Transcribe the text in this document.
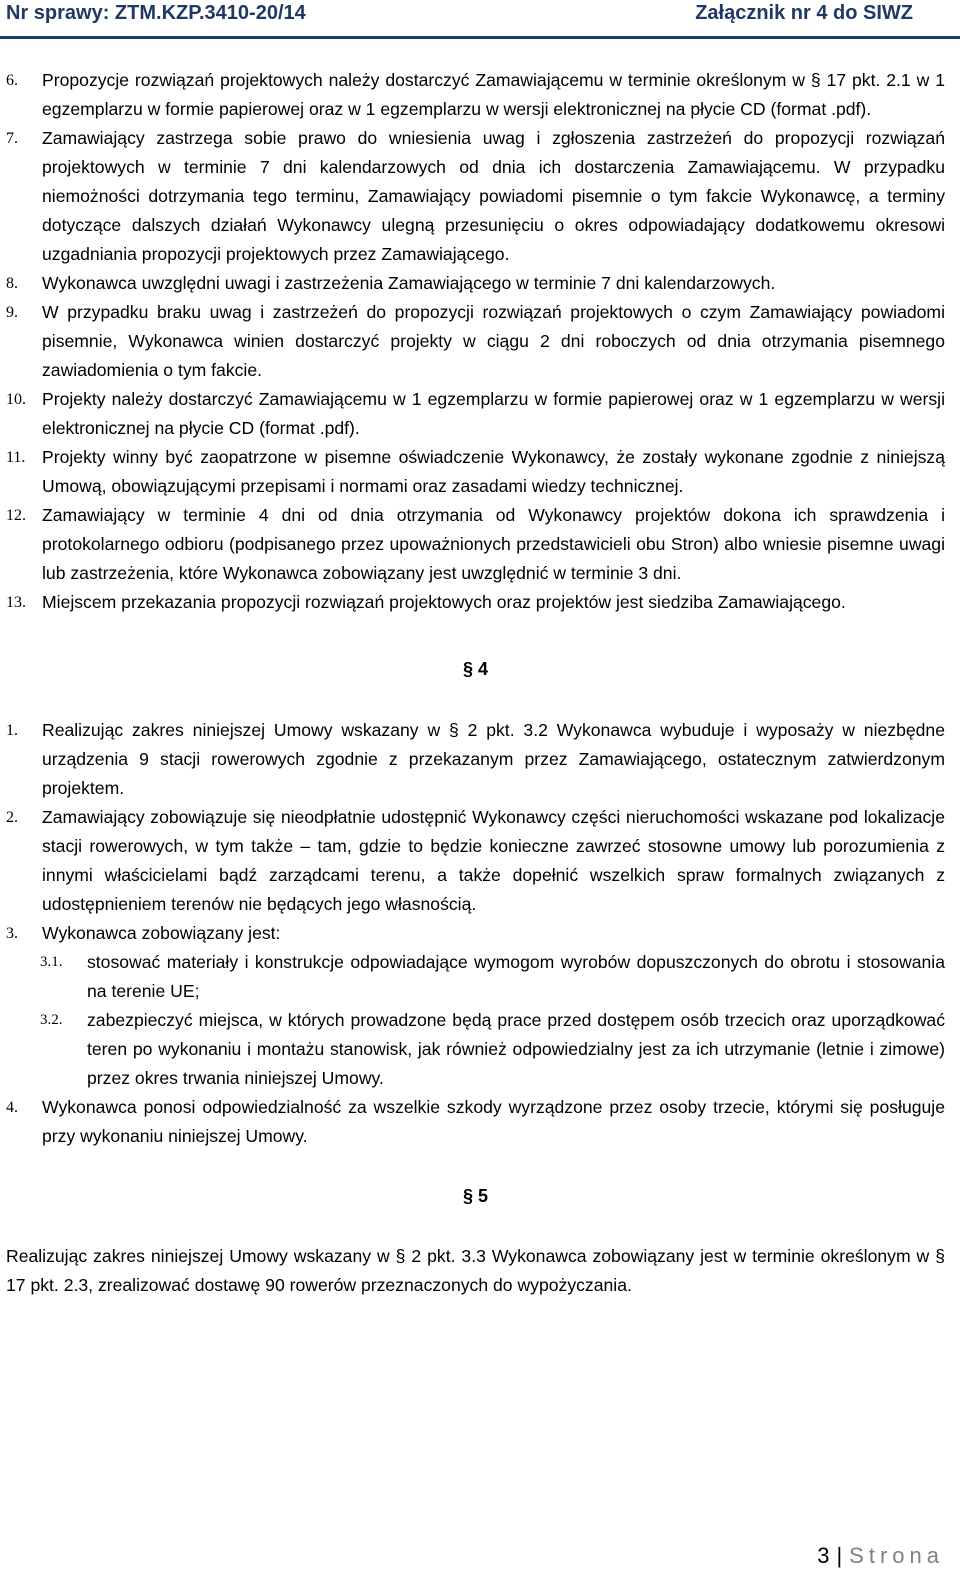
Nr sprawy: ZTM.KZP.3410-20/14	Załącznik nr 4 do SIWZ
6. Propozycje rozwiązań projektowych należy dostarczyć Zamawiającemu w terminie określonym w § 17 pkt. 2.1 w 1 egzemplarzu w formie papierowej oraz w 1 egzemplarzu w wersji elektronicznej na płycie CD (format .pdf).
7. Zamawiający zastrzega sobie prawo do wniesienia uwag i zgłoszenia zastrzeżeń do propozycji rozwiązań projektowych w terminie 7 dni kalendarzowych od dnia ich dostarczenia Zamawiającemu. W przypadku niemożności dotrzymania tego terminu, Zamawiający powiadomi pisemnie o tym fakcie Wykonawcę, a terminy dotyczące dalszych działań Wykonawcy ulegną przesunięciu o okres odpowiadający dodatkowemu okresowi uzgadniania propozycji projektowych przez Zamawiającego.
8. Wykonawca uwzględni uwagi i zastrzeżenia Zamawiającego w terminie 7 dni kalendarzowych.
9. W przypadku braku uwag i zastrzeżeń do propozycji rozwiązań projektowych o czym Zamawiający powiadomi pisemnie, Wykonawca winien dostarczyć projekty w ciągu 2 dni roboczych od dnia otrzymania pisemnego zawiadomienia o tym fakcie.
10. Projekty należy dostarczyć Zamawiającemu w 1 egzemplarzu w formie papierowej oraz w 1 egzemplarzu w wersji elektronicznej na płycie CD (format .pdf).
11. Projekty winny być zaopatrzone w pisemne oświadczenie Wykonawcy, że zostały wykonane zgodnie z niniejszą Umową, obowiązującymi przepisami i normami oraz zasadami wiedzy technicznej.
12. Zamawiający w terminie 4 dni od dnia otrzymania od Wykonawcy projektów dokona ich sprawdzenia i protokolarnego odbioru (podpisanego przez upoważnionych przedstawicieli obu Stron) albo wniesie pisemne uwagi lub zastrzeżenia, które Wykonawca zobowiązany jest uwzględnić w terminie 3 dni.
13. Miejscem przekazania propozycji rozwiązań projektowych oraz projektów jest siedziba Zamawiającego.
§ 4
1. Realizując zakres niniejszej Umowy wskazany w § 2 pkt. 3.2 Wykonawca wybuduje i wyposaży w niezbędne urządzenia 9 stacji rowerowych zgodnie z przekazanym przez Zamawiającego, ostatecznym zatwierdzonym projektem.
2. Zamawiający zobowiązuje się nieodpłatnie udostępnić Wykonawcy części nieruchomości wskazane pod lokalizacje stacji rowerowych, w tym także – tam, gdzie to będzie konieczne zawrzeć stosowne umowy lub porozumienia z innymi właścicielami bądź zarządcami terenu, a także dopełnić wszelkich spraw formalnych związanych z udostępnieniem terenów nie będących jego własnością.
3. Wykonawca zobowiązany jest:
3.1. stosować materiały i konstrukcje odpowiadające wymogom wyrobów dopuszczonych do obrotu i stosowania na terenie UE;
3.2. zabezpieczyć miejsca, w których prowadzone będą prace przed dostępem osób trzecich oraz uporządkować teren po wykonaniu i montażu stanowisk, jak również odpowiedzialny jest za ich utrzymanie (letnie i zimowe) przez okres trwania niniejszej Umowy.
4. Wykonawca ponosi odpowiedzialność za wszelkie szkody wyrządzone przez osoby trzecie, którymi się posługuje przy wykonaniu niniejszej Umowy.
§ 5
Realizując zakres niniejszej Umowy wskazany w § 2 pkt. 3.3 Wykonawca zobowiązany jest w terminie określonym w § 17 pkt. 2.3, zrealizować dostawę 90 rowerów przeznaczonych do wypożyczania.
3 | Strona
